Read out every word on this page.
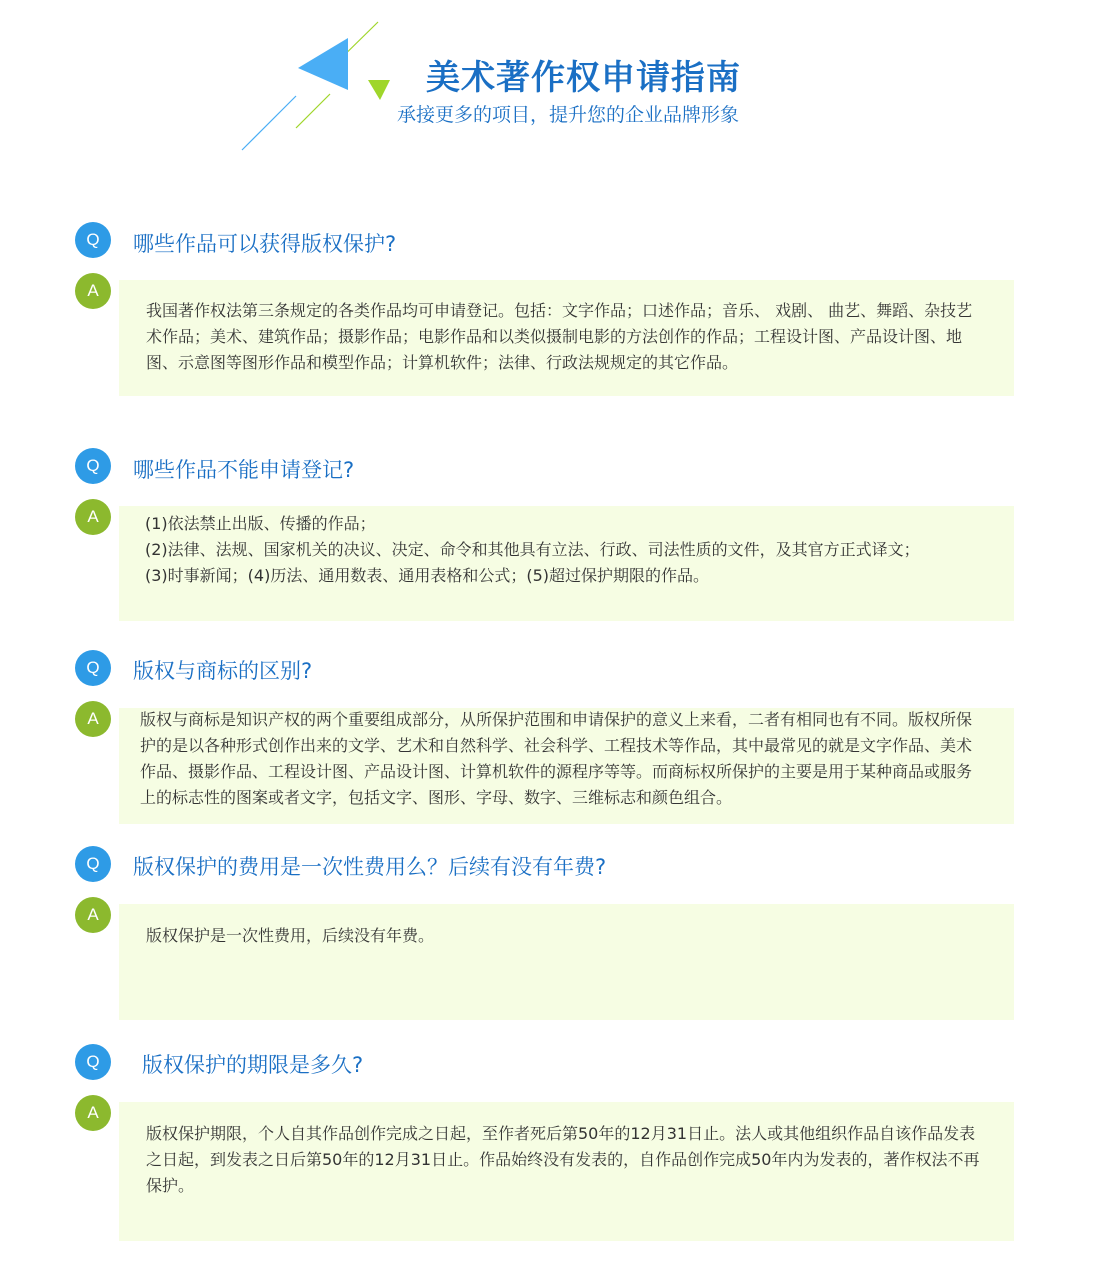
美术著作权申请指南
承接更多的项目，提升您的企业品牌形象
Q	哪些作品可以获得版权保护?
A
我国著作权法第三条规定的各类作品均可申请登记。包括：文字作品；口述作品；音乐、 戏剧、 曲艺、舞蹈、杂技艺术作品；美术、建筑作品；摄影作品；电影作品和以类似摄制电影的方法创作的作品；工程设计图、产品设计图、地图、示意图等图形作品和模型作品；计算机软件；法律、行政法规规定的其它作品。
Q	哪些作品不能申请登记?
A	(1)依法禁止出版、传播的作品；

(2)法律、法规、国家机关的决议、决定、命令和其他具有立法、行政、司法性质的文件，及其官方正式译文；

(3)时事新闻；(4)历法、通用数表、通用表格和公式；(5)超过保护期限的作品。

Q	版权与商标的区别?
A	版权与商标是知识产权的两个重要组成部分，从所保护范围和申请保护的意义上来看，二者有相同也有不同。版权所保护的是以各种形式创作出来的文学、艺术和自然科学、社会科学、工程技术等作品，其中最常见的就是文字作品、美术作品、摄影作品、工程设计图、产品设计图、计算机软件的源程序等等。而商标权所保护的主要是用于某种商品或服务上的标志性的图案或者文字，包括文字、图形、字母、数字、三维标志和颜色组合。
Q	版权保护的费用是一次性费用么？后续有没有年费?
A
版权保护是一次性费用，后续没有年费。
Q	版权保护的期限是多久?
A
版权保护期限，个人自其作品创作完成之日起，至作者死后第50年的12月31日止。法人或其他组织作品自该作品发表之日起，到发表之日后第50年的12月31日止。作品始终没有发表的，自作品创作完成50年内为发表的，著作权法不再保护。
